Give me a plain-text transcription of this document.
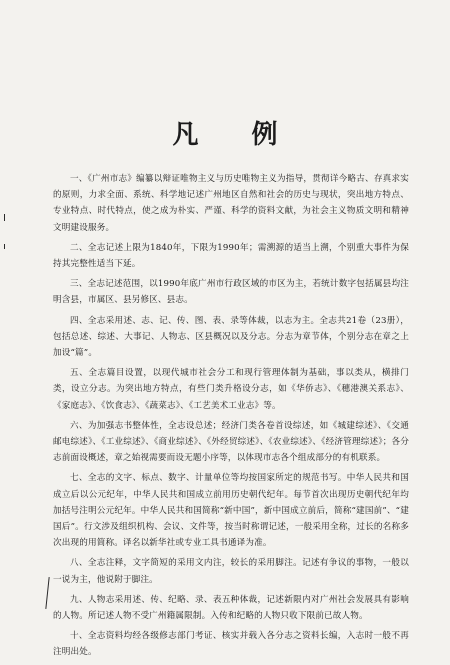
凡 例

一、《广州市志》编纂以辩证唯物主义与历史唯物主义为指导，贯彻详今略古、存真求实的原则，力求全面、系统、科学地记述广州地区自然和社会的历史与现状，突出地方特点、专业特点、时代特点，使之成为朴实、严谨、科学的资料文献，为社会主义物质文明和精神文明建设服务。

二、全志记述上限为1840年，下限为1990年；需溯源的适当上溯，个别重大事件为保持其完整性适当下延。

三、全志记述范围，以1990年底广州市行政区域的市区为主，若统计数字包括属县均注明含县，市属区、县另修区、县志。

四、全志采用述、志、记、传、图、表、录等体裁，以志为主。全志共21卷（23册），包括总述、综述、大事记、人物志、区县概况以及分志。分志为章节体，个别分志在章之上加设“篇”。

五、全志篇目设置，以现代城市社会分工和现行管理体制为基础，事以类从，横排门类，设立分志。为突出地方特点，有些门类升格设分志，如《华侨志》、《穗港澳关系志》、《家庭志》、《饮食志》、《蔬菜志》、《工艺美术工业志》等。

六、为加强志书整体性，全志设总述；经济门类各卷首设综述，如《城建综述》、《交通邮电综述》、《工业综述》、《商业综述》、《外经贸综述》、《农业综述》、《经济管理综述》；各分志前面设概述，章之始视需要而设无题小序等，以体现市志各个组成部分的有机联系。

七、全志的文字、标点、数字、计量单位等均按国家所定的规范书写。中华人民共和国成立后以公元纪年，中华人民共和国成立前用历史朝代纪年。每节首次出现历史朝代纪年均加括号注明公元纪年。中华人民共和国简称“新中国”，新中国成立前后，简称“建国前”、“建国后”。行文涉及组织机构、会议、文件等，按当时称谓记述，一般采用全称，过长的名称多次出现的用简称。译名以新华社或专业工具书通译为准。

八、全志注释，文字简短的采用文内注，较长的采用脚注。记述有争议的事物，一般以一说为主，他说附于脚注。

九、人物志采用述、传、纪略、录、表五种体裁，记述新限内对广州社会发展具有影响的人物。所记述人物不受广州籍属限制。入传和纪略的人物只收下限前已故人物。

十、全志资料均经各级修志部门考证、核实并载入各分志之资料长编，入志时一般不再注明出处。
